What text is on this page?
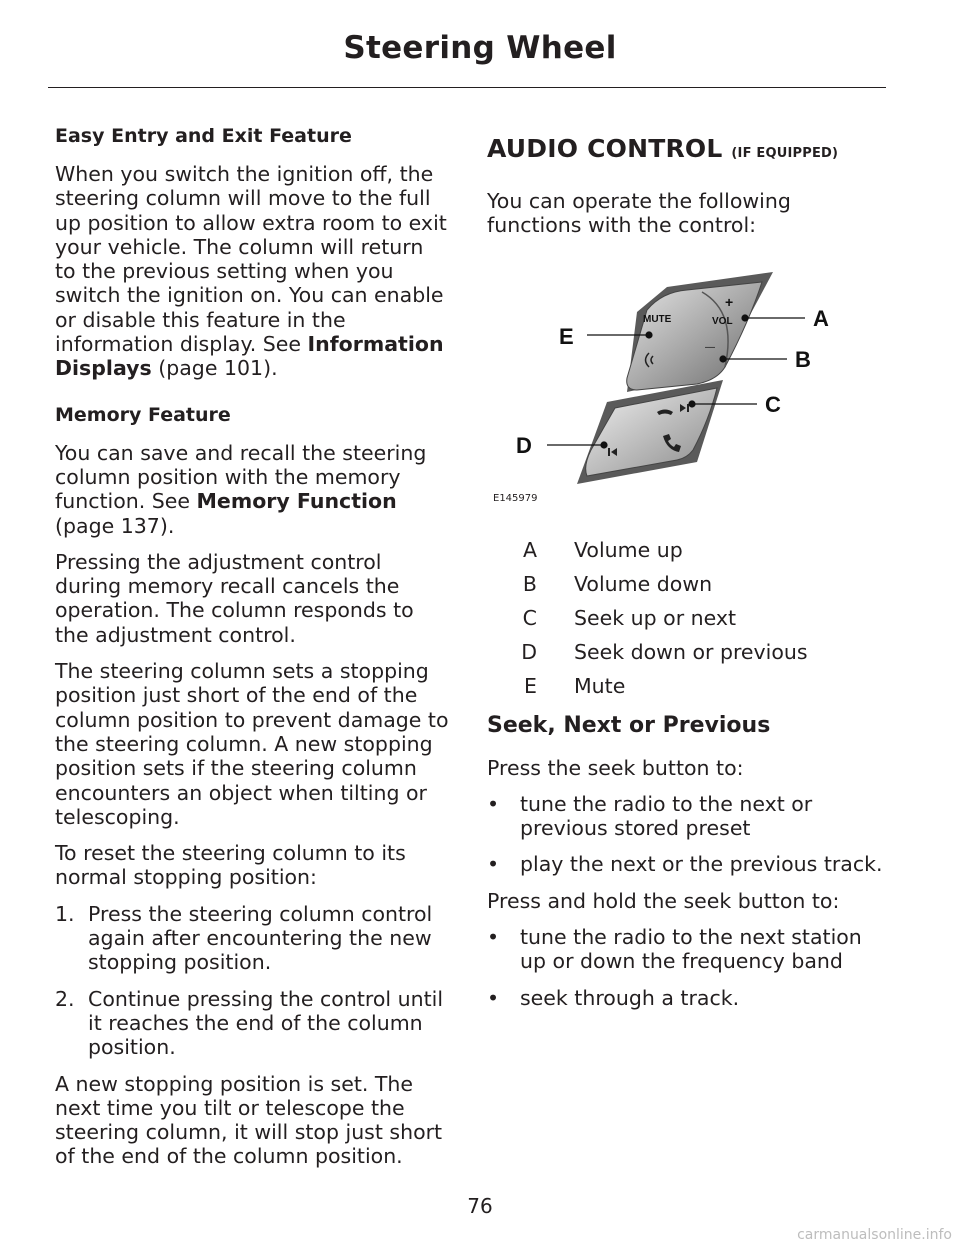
Steering Wheel
Easy Entry and Exit Feature

When you switch the ignition off, the steering column will move to the full up position to allow extra room to exit your vehicle. The column will return to the previous setting when you switch the ignition on. You can enable or disable this feature in the information display. See Information Displays (page 101).

Memory Feature

You can save and recall the steering column position with the memory function. See Memory Function (page 137).

Pressing the adjustment control during memory recall cancels the operation. The column responds to the adjustment control.

The steering column sets a stopping position just short of the end of the column position to prevent damage to the steering column. A new stopping position sets if the steering column encounters an object when tilting or telescoping.

To reset the steering column to its normal stopping position:

1. Press the steering column control again after encountering the new stopping position.
2. Continue pressing the control until it reaches the end of the column position.

A new stopping position is set. The next time you tilt or telescope the steering column, it will stop just short of the end of the column position.

AUDIO CONTROL (IF EQUIPPED)

You can operate the following functions with the control:

MUTE	VOL
+
—
A
B
C
D
E
E145979
A	Volume up
B	Volume down
C	Seek up or next
D	Seek down or previous
E	Mute
Seek, Next or Previous

Press the seek button to:

• tune the radio to the next or previous stored preset
• play the next or the previous track.

Press and hold the seek button to:

• tune the radio to the next station up or down the frequency band
• seek through a track.
76
carmanualsonline.info
